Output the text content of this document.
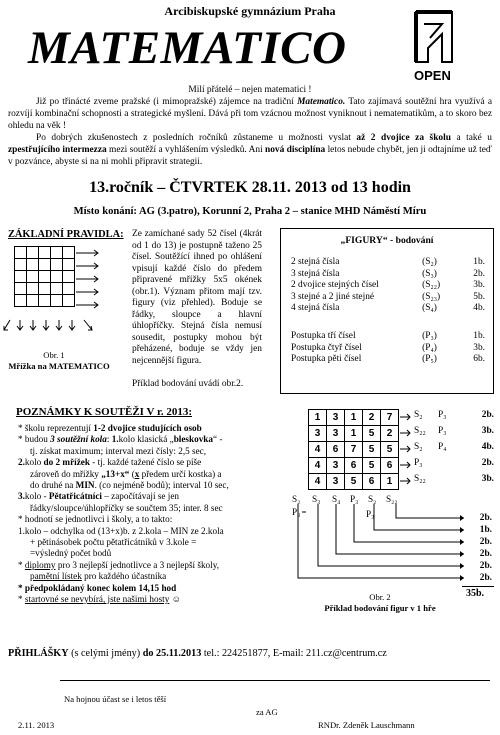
Arcibiskupské gymnázium Praha
MATEMATICO
OPEN
Milí přátelé – nejen matematici !
Již po třinácté zveme pražské (i mimopražské) zájemce na tradiční Matematico. Tato zajímavá soutěžní hra využívá a rozvíjí kombinační schopnosti a strategické myšlení. Dává při tom vzácnou možnost vyniknout i nematematikům, a to skoro bez ohledu na věk !
Po dobrých zkušenostech z posledních ročníků zůstaneme u možnosti vyslat až 2 dvojice za školu a také u zpestřujícího intermezza mezi soutěží a vyhlášením výsledků. Ani nová disciplína letos nebude chybět, jen ji odtajníme už teď v pozvánce, abyste si na ni mohli připravit strategii.
13.ročník – ČTVRTEK 28.11. 2013 od 13 hodin
Místo konání: AG (3.patro), Korunní 2, Praha 2 – stanice MHD Náměstí Míru
ZÁKLADNÍ PRAVIDLA:

Obr. 1
Mřížka na MATEMATICO
Ze zamíchané sady 52 čísel (4krát od 1 do 13) je postupně taženo 25 čísel. Soutěžící ihned po ohlášení vpisují každé číslo do předem připravené mřížky 5x5 okének (obr.1). Význam přitom mají tzv. figury (viz přehled). Boduje se řádky, sloupce a hlavní úhlopříčky. Stejná čísla nemusí sousedit, postupky mohou být přeházené, boduje se vždy jen nejcennější figura.
Příklad bodování uvádí obr.2.
„FIGURY“ - bodování
2 stejná čísla	(S₂)	1b.
3 stejná čísla	(S₃)	2b.
2 dvojice stejných čísel	(S₂₂)	3b.
3 stejné a 2 jiné stejné	(S₂₃)	5b.
4 stejná čísla	(S₄)	4b.
Postupka tří čísel	(P₃)	1b.
Postupka čtyř čísel	(P₄)	3b.
Postupka pěti čísel	(P₅)	6b.
POZNÁMKY K SOUTĚŽI V r. 2013:
* školu reprezentují 1-2 dvojice studujících osob
* budou 3 soutěžní kola: 1.kolo klasická „bleskovka“ -
tj. získat maximum; interval mezi čísly: 2,5 sec,
2.kolo do 2 mřížek - tj. každé tažené číslo se píše
zároveň do mřížky „13+x“ (x předem určí kostka) a
do druhé na MIN. (co nejméně bodů); interval 10 sec,
3.kolo - Pětatřicátníci – započítávají se jen
řádky/sloupce/úhlopříčky se součtem 35; inter. 8 sec
* hodnotí se jednotlivci i školy, a to takto:
1.kolo – odchylka od (13+x)b. z 2.kola – MIN ze 2.kola
+ pětinásobek počtu pětatřicátníků v 3.kole =
=výsledný počet bodů
* diplomy pro 3 nejlepší jednotlivce a 3 nejlepší školy,
pamětní lístek pro každého účastníka
* předpokládaný konec kolem 14,15 hod
* startovné se nevybírá, jste našimi hosty ☺
1	3	1	2	7
3	3	1	5	2
4	6	7	5	5
4	3	6	5	6
4	3	5	6	1
S₂ P₃	2b.
S₂₂ P₃	3b.
S₂ P₄	4b.
P₃	2b.
S₂₂	3b.
S₂ S₃ S₄ P₃ S₂ S₂₂
P₃	P₃	2b.
1b.
2b.
2b.
2b.
2b.
35b.
Obr. 2
Příklad bodování figur v 1 hře
PŘIHLÁŠKY (s celými jmény) do 25.11.2013 tel.: 224251877, E-mail: 211.cz@centrum.cz
Na hojnou účast se i letos těší
za AG
2.11. 2013	RNDr. Zdeněk Lauschmann
